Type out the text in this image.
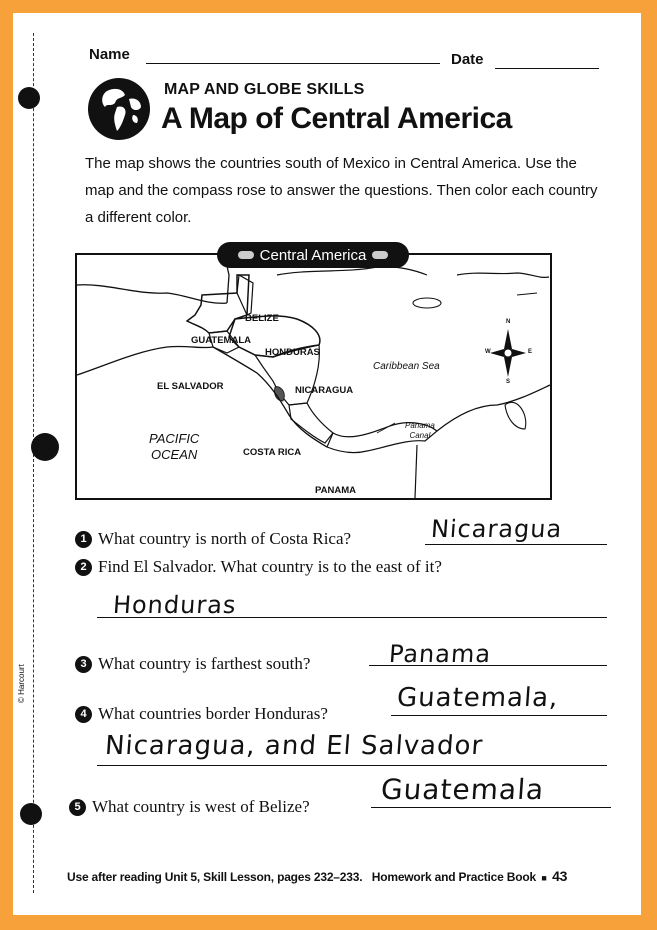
© Harcourt
Name	Date
MAP AND GLOBE SKILLS
A Map of Central America
The map shows the countries south of Mexico in Central America. Use the map and the compass rose to answer the questions. Then color each country a different color.
BELIZE
GUATEMALA
HONDURAS
EL SALVADOR	NICARAGUA
COSTA RICA
PANAMA
Caribbean Sea
PACIFIC
OCEAN
Panama
Canal
N
S
W	E
Central America
1 What country is north of Costa Rica?	Nicaragua
2 Find El Salvador. What country is to the east of it?
Honduras
3 What country is farthest south?	Panama
4 What countries border Honduras?
Guatemala,
Nicaragua, and El Salvador
5 What country is west of Belize?
Guatemala
Use after reading Unit 5, Skill Lesson, pages 232–233. Homework and Practice Book  ■  43
